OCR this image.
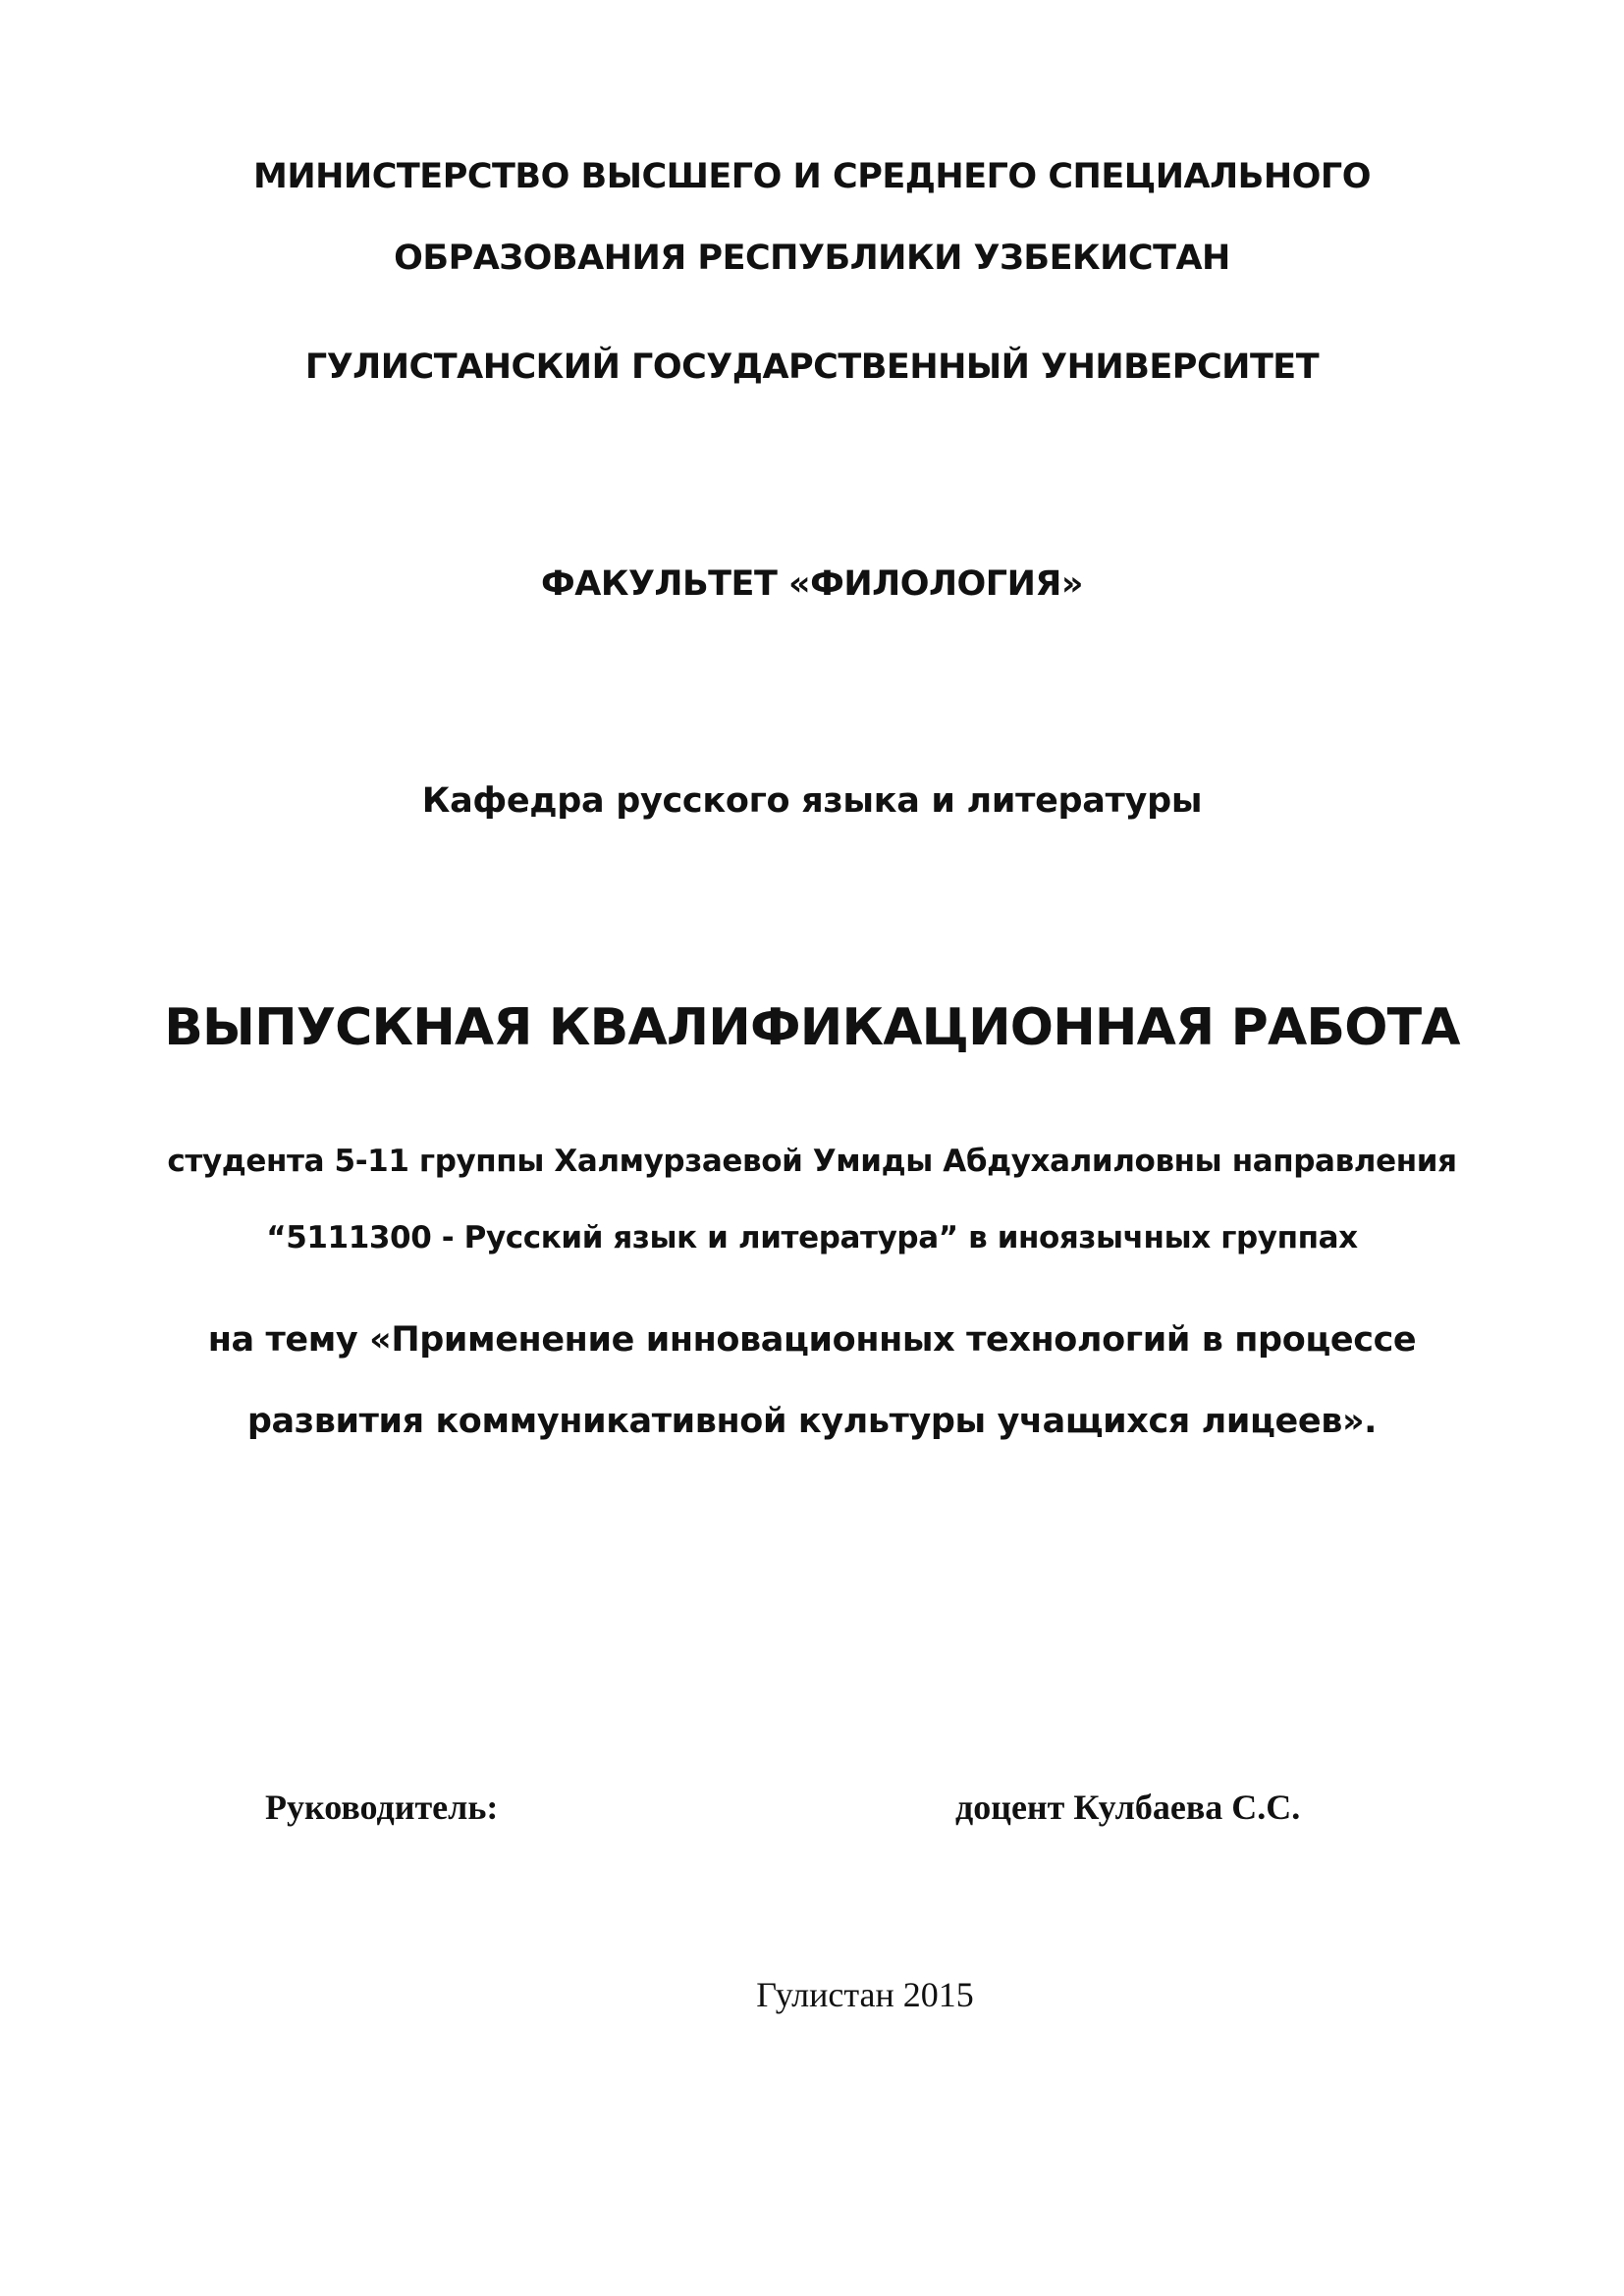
МИНИСТЕРСТВО ВЫСШЕГО И СРЕДНЕГО СПЕЦИАЛЬНОГО
ОБРАЗОВАНИЯ РЕСПУБЛИКИ УЗБЕКИСТАН
ГУЛИСТАНСКИЙ ГОСУДАРСТВЕННЫЙ УНИВЕРСИТЕТ
ФАКУЛЬТЕТ «ФИЛОЛОГИЯ»
Кафедра русского языка и литературы
ВЫПУСКНАЯ КВАЛИФИКАЦИОННАЯ РАБОТА
студента 5-11 группы Халмурзаевой Умиды Абдухалиловны направления
“5111300 - Русский язык и литература” в иноязычных группах
на тему «Применение инновационных технологий в процессе
развития коммуникативной культуры учащихся лицеев».
Руководитель:	доцент Кулбаева С.С.
Гулистан 2015
